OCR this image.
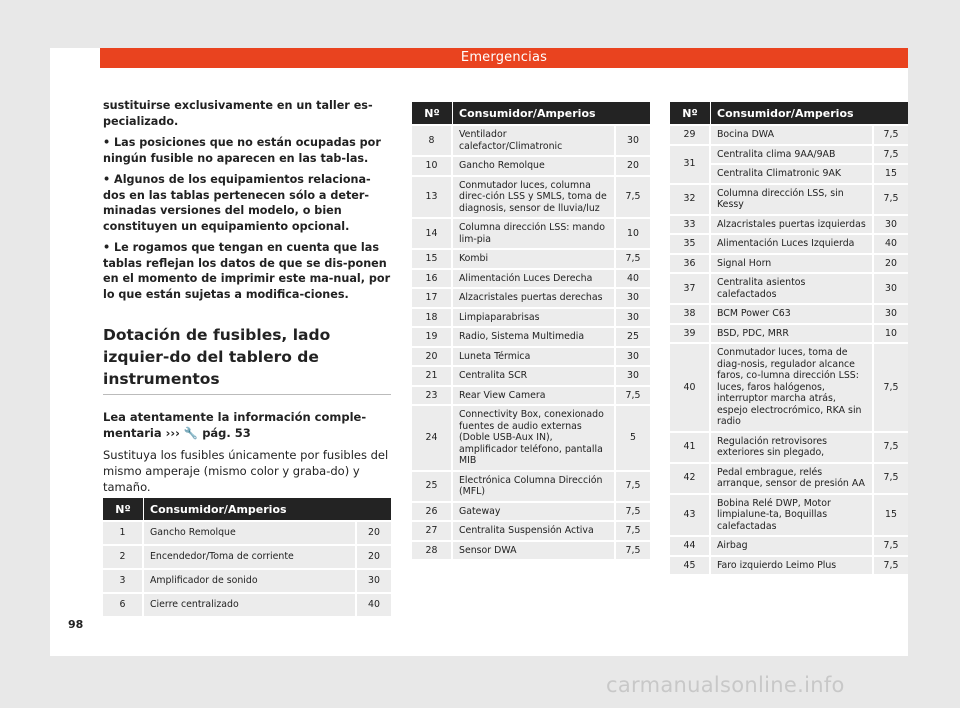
Emergencias

sustituirse exclusivamente en un taller es-pecializado.

• Las posiciones que no están ocupadas por ningún fusible no aparecen en las tab-las.

• Algunos de los equipamientos relaciona-dos en las tablas pertenecen sólo a deter-minadas versiones del modelo, o bien constituyen un equipamiento opcional.

• Le rogamos que tengan en cuenta que las tablas reflejan los datos de que se dis-ponen en el momento de imprimir este ma-nual, por lo que están sujetas a modifica-ciones.

Dotación de fusibles, lado izquier-do del tablero de instrumentos
Lea atentamente la información comple-mentaria ››› 🔧 pág. 53
Sustituya los fusibles únicamente por fusibles del mismo amperaje (mismo color y graba-do) y tamaño.
Nº	Consumidor/Amperios	
1	Gancho Remolque	20
2	Encendedor/Toma de corriente	20
3	Amplificador de sonido	30
6	Cierre centralizado	40
Nº	Consumidor/Amperios	
8	Ventilador calefactor/Climatronic	30
10	Gancho Remolque	20
13	Conmutador luces, columna direc-ción LSS y SMLS, toma de diagnosis, sensor de lluvia/luz	7,5
14	Columna dirección LSS: mando lim-pia	10
15	Kombi	7,5
16	Alimentación Luces Derecha	40
17	Alzacristales puertas derechas	30
18	Limpiaparabrisas	30
19	Radio, Sistema Multimedia	25
20	Luneta Térmica	30
21	Centralita SCR	30
23	Rear View Camera	7,5
24	Connectivity Box, conexionado fuentes de audio externas (Doble USB-Aux IN), amplificador teléfono, pantalla MIB	5
25	Electrónica Columna Dirección (MFL)	7,5
26	Gateway	7,5
27	Centralita Suspensión Activa	7,5
28	Sensor DWA	7,5
Nº	Consumidor/Amperios	
29	Bocina DWA	7,5
31	Centralita clima 9AA/9AB	7,5
	Centralita Climatronic 9AK	15
32	Columna dirección LSS, sin Kessy	7,5
33	Alzacristales puertas izquierdas	30
35	Alimentación Luces Izquierda	40
36	Signal Horn	20
37	Centralita asientos calefactados	30
38	BCM Power C63	30
39	BSD, PDC, MRR	10
40	Conmutador luces, toma de diag-nosis, regulador alcance faros, co-lumna dirección LSS: luces, faros halógenos, interruptor marcha atrás, espejo electrocrómico, RKA sin radio	7,5
41	Regulación retrovisores exteriores sin plegado,	7,5
42	Pedal embrague, relés arranque, sensor de presión AA	7,5
43	Bobina Relé DWP, Motor limpialune-ta, Boquillas calefactadas	15
44	Airbag	7,5
45	Faro izquierdo Leimo Plus	7,5
98
carmanualsonline.info
